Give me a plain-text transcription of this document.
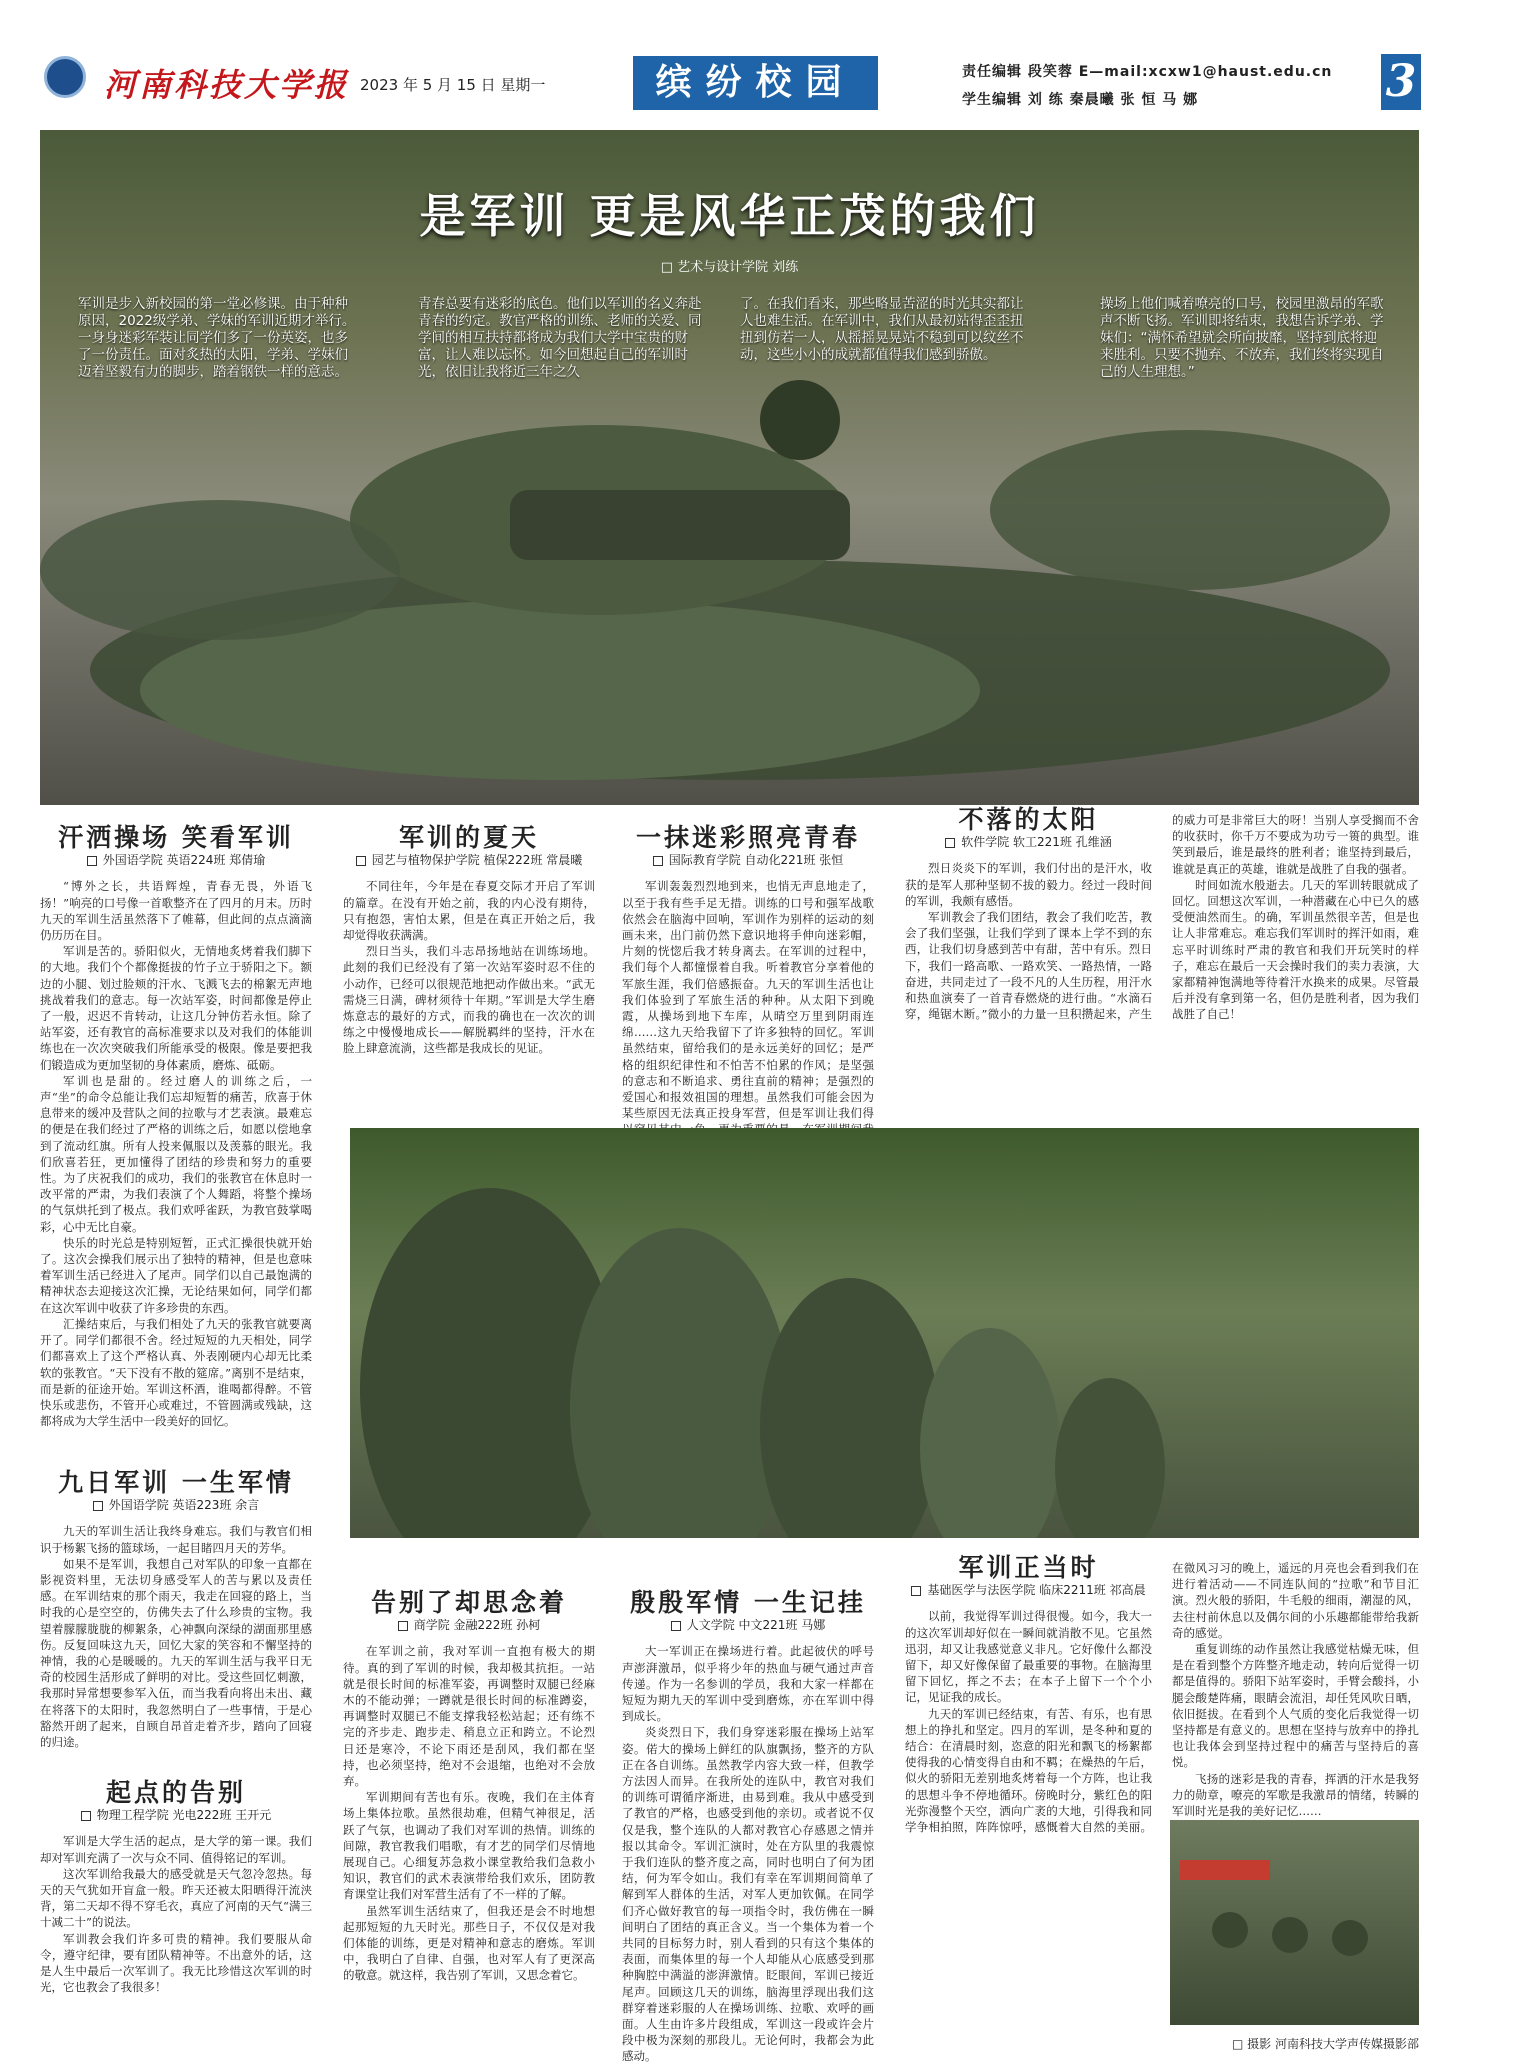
河南科技大学报 2023 年 5 月 15 日 星期一	缤纷校园	责任编辑 段笑蓉 E—mail:xcxw1@haust.edu.cn
学生编辑 刘 练 秦晨曦 张 恒 马 娜	3
是军训 更是风华正茂的我们
□ 艺术与设计学院 刘练
军训是步入新校园的第一堂必修课。由于种种原因，2022级学弟、学妹的军训近期才举行。一身身迷彩军装让同学们多了一份英姿，也多了一份责任。面对炙热的太阳，学弟、学妹们迈着坚毅有力的脚步，踏着钢铁一样的意志。
青春总要有迷彩的底色。他们以军训的名义奔赴青春的约定。教官严格的训练、老师的关爱、同学间的相互扶持都将成为我们大学中宝贵的财富，让人难以忘怀。如今回想起自己的军训时光，依旧让我将近三年之久
了。在我们看来，那些略显苦涩的时光其实都让人也难生活。在军训中，我们从最初站得歪歪扭扭到仿若一人，从摇摇晃晃站不稳到可以纹丝不动，这些小小的成就都值得我们感到骄傲。
操场上他们喊着嘹亮的口号，校园里激昂的军歌声不断飞扬。军训即将结束，我想告诉学弟、学妹们：“满怀希望就会所向披靡，坚持到底将迎来胜利。只要不抛弃、不放弃，我们终将实现自己的人生理想。”
汗洒操场 笑看军训
外国语学院 英语224班 郑倩瑜

“博外之长，共语辉煌，青春无畏，外语飞扬！”响亮的口号像一首歌整齐在了四月的月末。历时九天的军训生活虽然落下了帷幕，但此间的点点滴滴仍历历在目。

军训是苦的。骄阳似火，无情地炙烤着我们脚下的大地。我们个个都像挺拔的竹子立于骄阳之下。额边的小腿、划过脸颊的汗水、飞溅飞去的棉絮无声地挑战着我们的意志。每一次站军姿，时间都像是停止了一般，迟迟不肯转动，让这几分钟仿若永恒。除了站军姿，还有教官的高标准要求以及对我们的体能训练也在一次次突破我们所能承受的极限。像是要把我们锻造成为更加坚韧的身体素质，磨炼、砥砺。

军训也是甜的。经过磨人的训练之后，一声“坐”的命令总能让我们忘却短暂的痛苦，欣喜于休息带来的缓冲及营队之间的拉歌与才艺表演。最难忘的便是在我们经过了严格的训练之后，如愿以偿地拿到了流动红旗。所有人投来佩服以及羡慕的眼光。我们欣喜若狂，更加懂得了团结的珍贵和努力的重要性。为了庆祝我们的成功，我们的张教官在休息时一改平常的严肃，为我们表演了个人舞蹈，将整个操场的气氛烘托到了极点。我们欢呼雀跃，为教官鼓掌喝彩，心中无比自豪。

快乐的时光总是特别短暂，正式汇操很快就开始了。这次会操我们展示出了独特的精神，但是也意味着军训生活已经进入了尾声。同学们以自己最饱满的精神状态去迎接这次汇操，无论结果如何，同学们都在这次军训中收获了许多珍贵的东西。

汇操结束后，与我们相处了九天的张教官就要离开了。同学们都很不舍。经过短短的九天相处，同学们都喜欢上了这个严格认真、外表刚硬内心却无比柔软的张教官。“天下没有不散的筵席。”离别不是结束，而是新的征途开始。军训这杯酒，谁喝都得醉。不管快乐或悲伤，不管开心或难过，不管圆满或残缺，这都将成为大学生活中一段美好的回忆。

九日军训 一生军情
外国语学院 英语223班 余言

九天的军训生活让我终身难忘。我们与教官们相识于杨絮飞扬的篮球场，一起目睹四月天的芳华。

如果不是军训，我想自己对军队的印象一直都在影视资料里，无法切身感受军人的苦与累以及责任感。在军训结束的那个雨天，我走在回寝的路上，当时我的心是空空的，仿佛失去了什么珍贵的宝物。我望着朦朦胧胧的柳絮条，心神飘向深绿的湖面那里感伤。反复回味这九天，回忆大家的笑容和不懈坚持的神情，我的心是暖暖的。九天的军训生活与我平日无奇的校园生活形成了鲜明的对比。受这些回忆刺激，我那时异常想要参军入伍，而当我看向将出未出、藏在将落下的太阳时，我忽然明白了一些事情，于是心豁然开朗了起来，自顾自昂首走着齐步，踏向了回寝的归途。

起点的告别
物理工程学院 光电222班 王开元

军训是大学生活的起点，是大学的第一课。我们却对军训充满了一次与众不同、值得铭记的军训。

这次军训给我最大的感受就是天气忽冷忽热。每天的天气犹如开盲盒一般。昨天还被太阳晒得汗流浃背，第二天却不得不穿毛衣，真应了河南的天气“满三十减二十”的说法。

军训教会我们许多可贵的精神。我们要服从命令，遵守纪律，要有团队精神等。不出意外的话，这是人生中最后一次军训了。我无比珍惜这次军训的时光，它也教会了我很多！

军训的夏天
园艺与植物保护学院 植保222班 常晨曦

不同往年，今年是在春夏交际才开启了军训的篇章。在没有开始之前，我的内心没有期待，只有抱怨，害怕太累，但是在真正开始之后，我却觉得收获满满。

烈日当头，我们斗志昂扬地站在训练场地。此刻的我们已经没有了第一次站军姿时忍不住的小动作，已经可以很规范地把动作做出来。“武无需烧三日满，碑材须待十年期。”军训是大学生磨炼意志的最好的方式，而我的确也在一次次的训练之中慢慢地成长——解脱羁绊的坚持，汗水在脸上肆意流淌，这些都是我成长的见证。

一抹迷彩照亮青春
国际教育学院 自动化221班 张恒

军训轰轰烈烈地到来，也悄无声息地走了，以至于我有些手足无措。训练的口号和强军战歌依然会在脑海中回响，军训作为别样的运动的刻画未来，出门前仍然下意识地将手伸向迷彩帽，片刻的恍惚后我才转身离去。在军训的过程中，我们每个人都憧憬着自我。听着教官分享着他的军旅生涯，我们倍感振奋。九天的军训生活也让我们体验到了军旅生活的种种。从太阳下到晚霞，从操场到地下车库，从晴空万里到阴雨连绵……这九天给我留下了许多独特的回忆。军训虽然结束，留给我们的是永远美好的回忆；是严格的组织纪律性和不怕苦不怕累的作风；是坚强的意志和不断追求、勇往直前的精神；是强烈的爱国心和报效祖国的理想。虽然我们可能会因为某些原因无法真正投身军营，但是军训让我们得

不落的太阳
软件学院 软工221班 孔维涵

烈日炎炎下的军训，我们付出的是汗水，收获的是军人那种坚韧不拔的毅力。经过一段时间的军训，我颇有感悟。

军训教会了我们团结，教会了我们吃苦，教会了我们坚强，让我们学到了课本上学不到的东西，让我们切身感到苦中有甜，苦中有乐。烈日下，我们一路高歌、一路欢笑、一路热情，一路奋进，共同走过了一段不凡的人生历程，用汗水和热血演奏了一首青春燃烧的进行曲。“水滴石穿，绳锯木断。”微小的力量一旦积攒起来，产生的威力可是非常巨大的呀！当别人享受搁而不舍的收获时，你千万不要成为功亏一篑的典型。谁笑到最后，谁是最终的胜利者；谁坚持到最后，谁就是真正的英雄，谁就是战胜了自我的强者。

时间如流水般逝去。几天的军训转眼就成了回忆。回想这次军训，一种潜藏在心中已久的感受便油然而生。的确，军训虽然很辛苦，但是也让人非常难忘。难忘我们军训时的挥汗如雨，难忘平时训练时严肃的教官和我们开玩笑时的样子，难忘在最后一天会操时我们的卖力表演，大家都精神饱满地等待着汗水换来的成果。尽管最后并没有拿到第一名，但仍是胜利者，因为我们战胜了自己！

告别了却思念着
商学院 金融222班 孙柯

在军训之前，我对军训一直抱有极大的期待。真的到了军训的时候，我却极其抗拒。一站就是很长时间的标准军姿，再调整时双腿已经麻木的不能动弹；一蹲就是很长时间的标准蹲姿，再调整时双腿已不能支撑我轻松站起；还有练不完的齐步走、跑步走、稍息立正和跨立。不论烈日还是寒冷，不论下雨还是刮风，我们都在坚持，也必须坚持，绝对不会退缩，也绝对不会放弃。

军训期间有苦也有乐。夜晚，我们在主体育场上集体拉歌。虽然很劫难，但精气神很足，活跃了气氛，也调动了我们对军训的热情。训练的间隙，教官教我们唱歌，有才艺的同学们尽情地展现自己。心细复苏急救小课堂教给我们急救小知识，教官们的武术表演带给我们欢乐，团防教育课堂让我们对军营生活有了不一样的了解。

虽然军训生活结束了，但我还是会不时地想起那短短的九天时光。那些日子，不仅仅是对我们体能的训练，更是对精神和意志的磨炼。军训中，我明白了自律、自强，也对军人有了更深高的敬意。就这样，我告别了军训，又思念着它。

殷殷军情 一生记挂
人文学院 中文221班 马娜

大一军训正在操场进行着。此起彼伏的呼号声澎湃激昂，似乎将少年的热血与硬气通过声音传递。作为一名参训的学员，我和大家一样都在短短为期九天的军训中受到磨炼，亦在军训中得到成长。

炎炎烈日下，我们身穿迷彩服在操场上站军姿。偌大的操场上鲜红的队旗飘扬，整齐的方队正在各自训练。虽然教学内容大致一样，但教学方法因人而异。在我所处的连队中，教官对我们的训练可谓循序渐进，由易到难。我从中感受到了教官的严格，也感受到他的亲切。或者说不仅仅是我，整个连队的人都对教官心存感恩之情并报以其命令。军训汇演时，处在方队里的我震惊于我们连队的整齐度之高，同时也明白了何为团结，何为军令如山。我们有幸在军训期间简单了解到军人群体的生活，对军人更加钦佩。在同学们齐心做好教官的每一项指令时，我仿佛在一瞬间明白了团结的真正含义。当一个集体为着一个共同的目标努力时，别人看到的只有这个集体的表面，而集体里的每一个人却能从心底感受到那种胸腔中满溢的澎湃激情。眨眼间，军训已接近尾声。回顾这几天的训练，脑海里浮现出我们这群穿着迷彩服的人在操场训练、拉歌、欢呼的画面。人生由许多片段组成，军训这一段或许会片段中极为深刻的那段儿。无论何时，我都会为此感动。

军训正当时
基础医学与法医学院 临床2211班 祁高晨

以前，我觉得军训过得很慢。如今，我大一的这次军训却好似在一瞬间就消散不见。它虽然迅羽，却又让我感觉意义非凡。它好像什么都没留下，却又好像保留了最重要的事物。在脑海里留下回忆，挥之不去；在本子上留下一个个小记，见证我的成长。

九天的军训已经结束，有苦、有乐，也有思想上的挣扎和坚定。四月的军训，是冬种和夏的结合：在清晨时刻，恣意的阳光和飘飞的杨絮都使得我的心情变得自由和不羁；在燥热的午后，似火的骄阳无差别地炙烤着每一个方阵，也让我的思想斗争不停地循环。傍晚时分，紫红色的阳光弥漫整个天空，洒向广袤的大地，引得我和同学争相拍照，阵阵惊呼，感慨着大自然的美丽。在微风习习的晚上，遥远的月亮也会看到我们在进行着活动——不同连队间的“拉歌”和节目汇演。烈火般的骄阳，牛毛般的细雨，潮湿的风，去往村前休息以及偶尔间的小乐趣都能带给我新奇的感觉。

重复训练的动作虽然让我感觉枯燥无味，但是在看到整个方阵整齐地走动，转向后觉得一切都是值得的。骄阳下站军姿时，手臂会酸抖，小腿会酸楚阵痛，眼睛会流泪，却任凭风吹日晒，依旧挺拔。在看到个人气质的变化后我觉得一切坚持都是有意义的。思想在坚持与放弃中的挣扎也让我体会到坚持过程中的痛苦与坚持后的喜悦。

飞扬的迷彩是我的青春，挥洒的汗水是我努力的勋章，嘹亮的军歌是我激昂的情绪，转瞬的军训时光是我的美好记忆……

□ 摄影 河南科技大学声传媒摄影部
